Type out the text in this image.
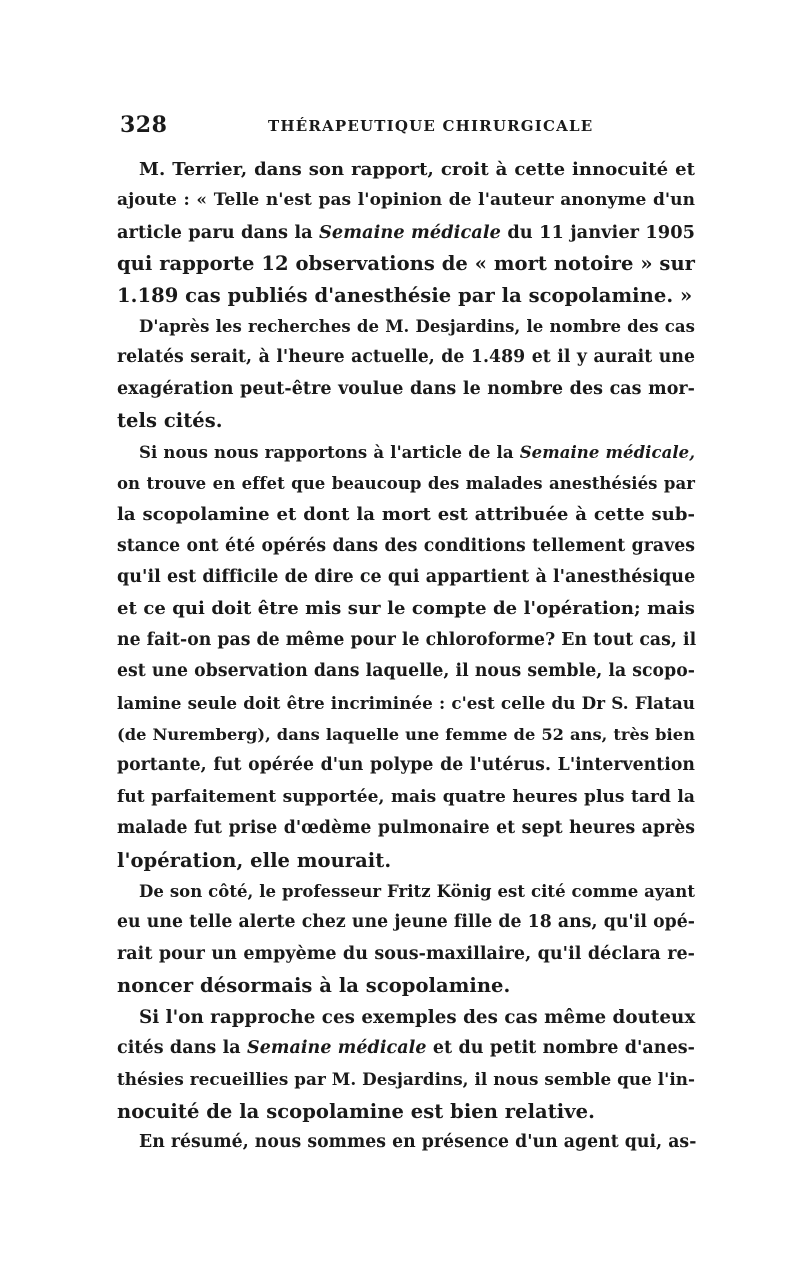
328	THÉRAPEUTIQUE CHIRURGICALE
M. Terrier, dans son rapport, croit à cette innocuité et
ajoute : « Telle n'est pas l'opinion de l'auteur anonyme d'un
article paru dans la Semaine médicale du 11 janvier 1905
qui rapporte 12 observations de « mort notoire » sur
1.189 cas publiés d'anesthésie par la scopolamine. »
D'après les recherches de M. Desjardins, le nombre des cas
relatés serait, à l'heure actuelle, de 1.489 et il y aurait une
exagération peut-être voulue dans le nombre des cas mor-
tels cités.
Si nous nous rapportons à l'article de la Semaine médicale,
on trouve en effet que beaucoup des malades anesthésiés par
la scopolamine et dont la mort est attribuée à cette sub-
stance ont été opérés dans des conditions tellement graves
qu'il est difficile de dire ce qui appartient à l'anesthésique
et ce qui doit être mis sur le compte de l'opération; mais
ne fait-on pas de même pour le chloroforme? En tout cas, il
est une observation dans laquelle, il nous semble, la scopo-
lamine seule doit être incriminée : c'est celle du Dr S. Flatau
(de Nuremberg), dans laquelle une femme de 52 ans, très bien
portante, fut opérée d'un polype de l'utérus. L'intervention
fut parfaitement supportée, mais quatre heures plus tard la
malade fut prise d'œdème pulmonaire et sept heures après
l'opération, elle mourait.
De son côté, le professeur Fritz König est cité comme ayant
eu une telle alerte chez une jeune fille de 18 ans, qu'il opé-
rait pour un empyème du sous-maxillaire, qu'il déclara re-
noncer désormais à la scopolamine.
Si l'on rapproche ces exemples des cas même douteux
cités dans la Semaine médicale et du petit nombre d'anes-
thésies recueillies par M. Desjardins, il nous semble que l'in-
nocuité de la scopolamine est bien relative.
En résumé, nous sommes en présence d'un agent qui, as-
